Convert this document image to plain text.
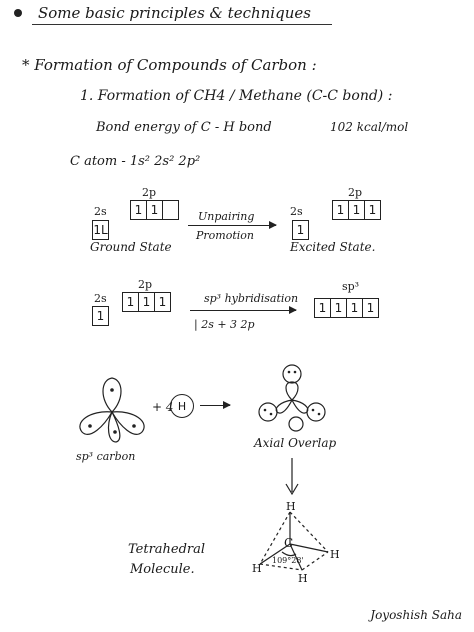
Some basic principles & techniques
* Formation of Compounds of Carbon :
1. Formation of CH4 / Methane (C-C bond) :
Bond energy of C - H bond	102 kcal/mol
C atom - 1s² 2s² 2p²
2p
2s	1 1
1L
Ground State
Unpairing
Promotion
2p
2s	1 1 1
1
Excited State.
2p
2s	1 1 1
1
sp³ hybridisation
| 2s + 3 2p
sp³
1 1 1 1
sp³ carbon
+ 4 H →
Axial Overlap
Tetrahedral
Molecule.
H
C
H
H
H
109°28'
Joyoshish Saha
